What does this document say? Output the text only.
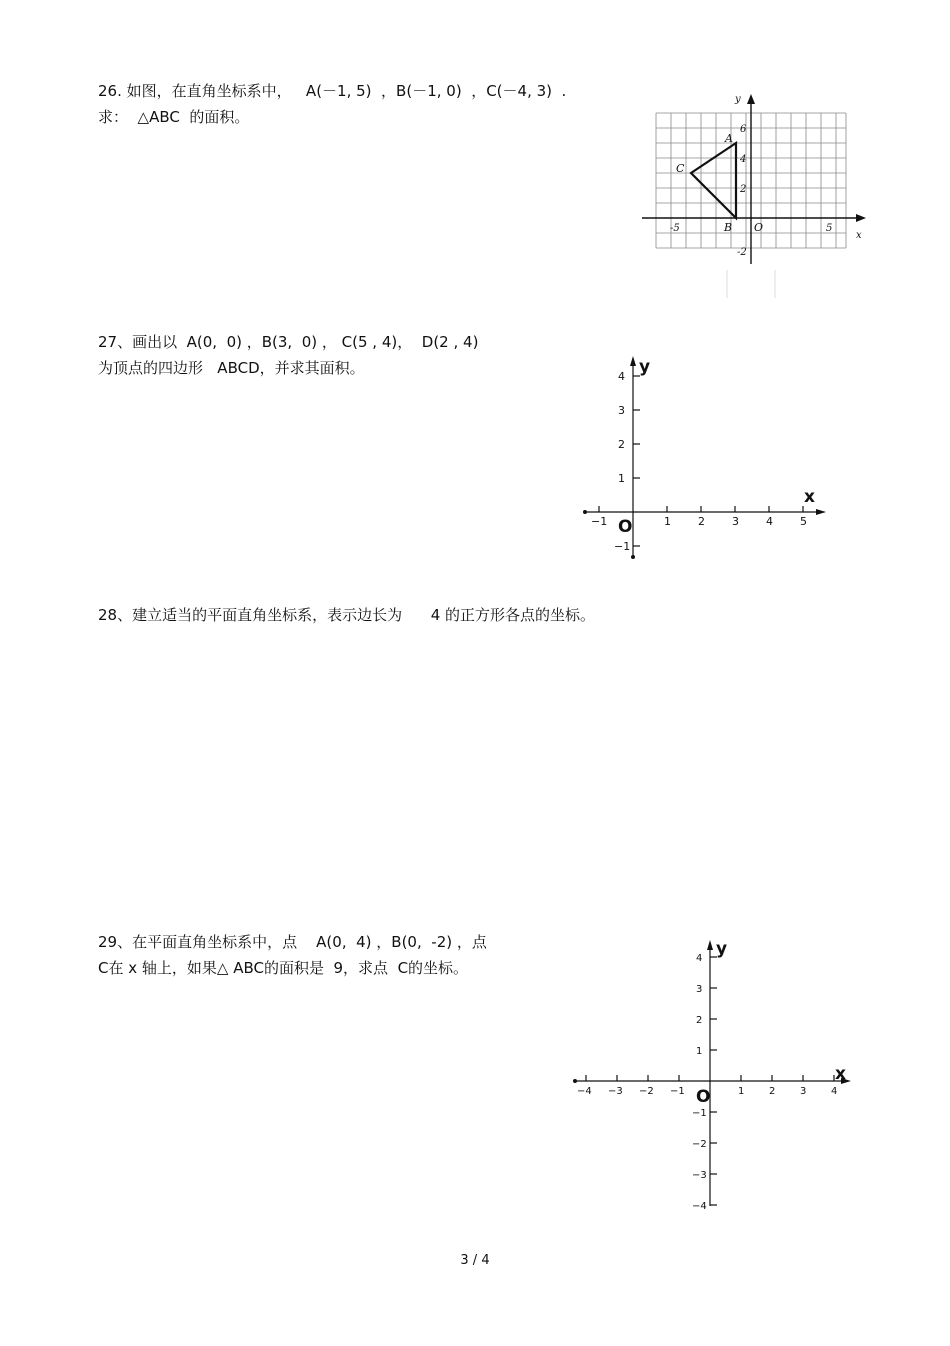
26. 如图，在直角坐标系中，   A(－1, 5)  ，B(－1, 0)  ，C(－4, 3)  .
求：  △ABC  的面积。
y
x
O
A
B
C
-5	5
6
4
2
-2
27、画出以  A(0,  0) ，B(3,  0) ， C(5 , 4)，  D(2 , 4)
为顶点的四边形   ABCD，并求其面积。	y
x
O
−1	1 2 3 4 5
4
3
2
1
−1
28、建立适当的平面直角坐标系，表示边长为      4 的正方形各点的坐标。
29、在平面直角坐标系中，点    A(0,  4) ，B(0,  -2) ，点
C在 x 轴上，如果△ ABC的面积是  9，求点  C的坐标。
y
x
O
−4 −3 −2 −1	1 2 3 4
4
3
2
1
−1
−2
−3
−4
3 / 4
